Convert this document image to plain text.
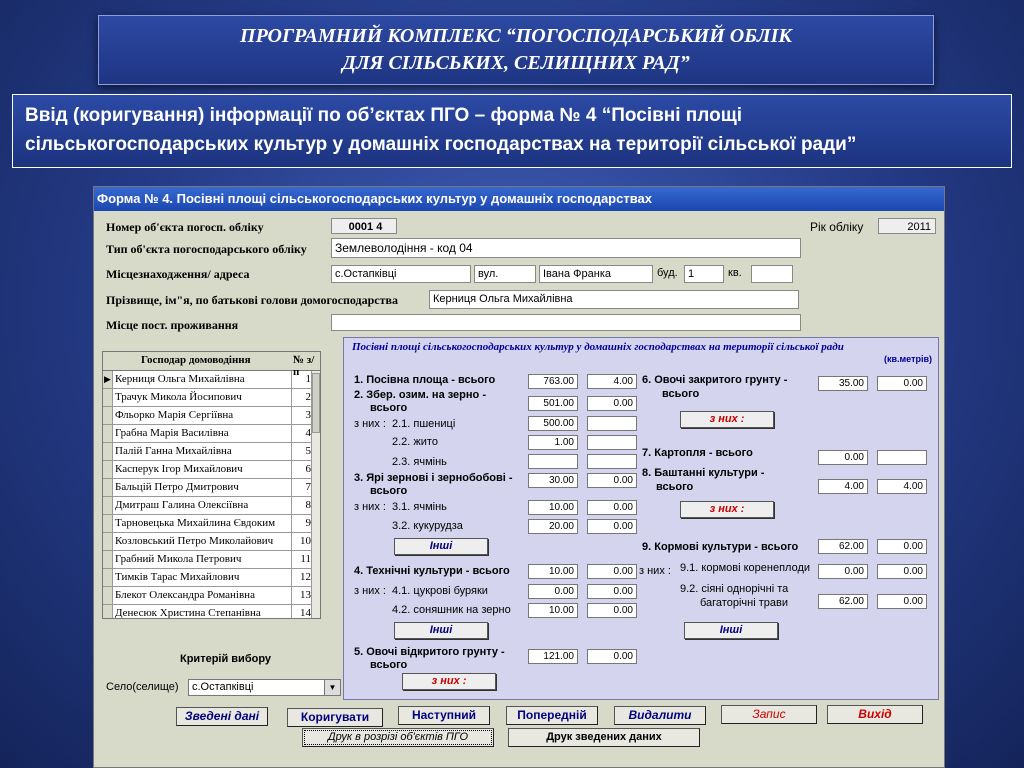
ПРОГРАМНИЙ КОМПЛЕКС “ПОГОСПОДАРСЬКИЙ ОБЛІК
ДЛЯ СІЛЬСЬКИХ, СЕЛИЩНИХ РАД”
Ввід (коригування) інформації по об’єктах ПГО – форма № 4 “Посівні площі
сільськогосподарських культур у домашніх господарствах на території сільської ради”
Форма № 4. Посівні площі сільськогосподарських культур у домашніх господарствах
Номер об'єкта погосп. обліку	0001 4	Рік обліку	2011
Тип об'єкта погосподарського обліку	Землеволодіння - код 04
Місцезнаходження/ адреса	с.Остапківці	вул.	Івана Франка	буд. 1	кв.
Прізвище, ім"я, по батькові голови домогосподарства	Керниця Ольга Михайлівна
Місце пост. проживання
Господар домоводіння	№ з/п
▶ Керниця Ольга Михайлівна	1
Трачук Микола Йосипович	2
Фльорко Марія Сергіївна	3
Грабна Марія Василівна	4
Палій Ганна Михайлівна	5
Касперук Ігор Михайлович	6
Бальцій Петро Дмитрович	7
Дмитраш Галина Олексіївна	8
Тарновецька Михайлина Євдоким	9
Козловський Петро Миколайович	10
Грабний Микола Петрович	11
Тимків Тарас Михайлович	12
Блекот Олександра Романівна	13
Денесюк Христина Степанівна	14
Критерій вибору
Село(селище)	с.Остапківці	▼
Посівні площі сільськогосподарських культур у домашніх господарствах на території сільської ради
(кв.метрів)
1. Посівна площа - всього	763.00	4.00
2. Збер. озим. на зерно -
всього	501.00	0.00
з них : 2.1. пшениці	500.00
2.2. жито	1.00
2.3. ячмінь
3. Ярі зернові і зернобобові -
всього
30.00	0.00
з них : 3.1. ячмінь	10.00	0.00
3.2. кукурудза	20.00	0.00
Інші
4. Технічні культури - всього	10.00	0.00
з них : 4.1. цукрові буряки	0.00	0.00
4.2. соняшник на зерно	10.00	0.00
Інші
5. Овочі відкритого грунту -
всього
121.00	0.00
з них :
6. Овочі закритого грунту -
всього
35.00	0.00
з них :
7. Картопля - всього	0.00
8. Баштанні культури -
всього	4.00	4.00
з них :
9. Кормові культури - всього	62.00	0.00
з них : 9.1. кормові коренеплоди	0.00	0.00
9.2. сіяні однорічні та
багаторічні трави	62.00	0.00
Інші
Зведені дані	Коригувати	Наступний	Попередній	Видалити	Запис	Вихід
Друк в розрізі об'єктів ПГО	Друк зведених даних
